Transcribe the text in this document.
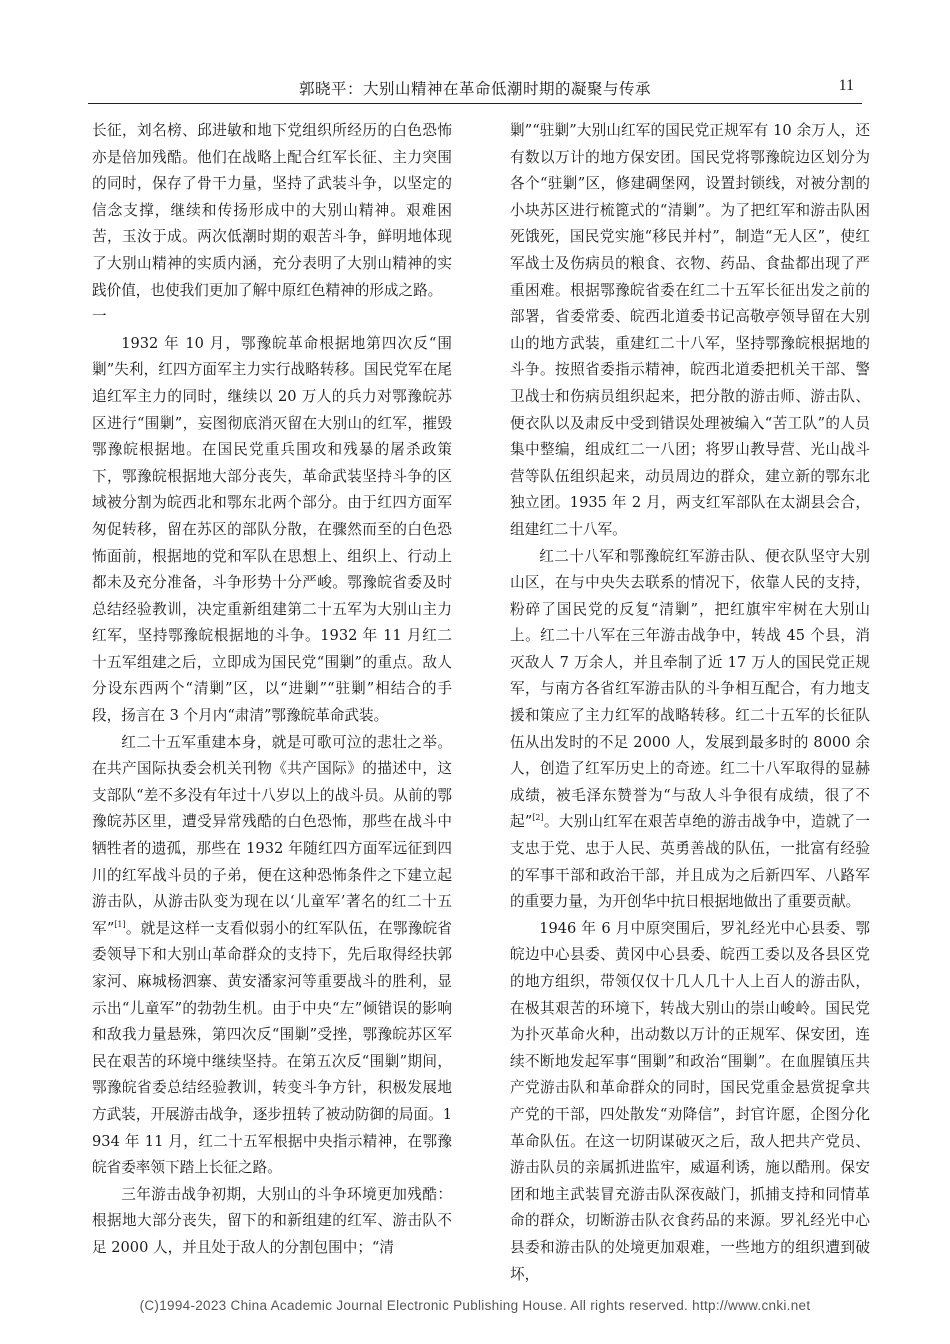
郭晓平：大别山精神在革命低潮时期的凝聚与传承	11

长征，刘名榜、邱进敏和地下党组织所经历的白色恐怖亦是倍加残酷。他们在战略上配合红军长征、主力突围的同时，保存了骨干力量，坚持了武装斗争，以坚定的信念支撑，继续和传扬形成中的大别山精神。艰难困苦，玉汝于成。两次低潮时期的艰苦斗争，鲜明地体现了大别山精神的实质内涵，充分表明了大别山精神的实践价值，也使我们更加了解中原红色精神的形成之路。

一

1932 年 10 月，鄂豫皖革命根据地第四次反“围剿”失利，红四方面军主力实行战略转移。国民党军在尾追红军主力的同时，继续以 20 万人的兵力对鄂豫皖苏区进行“围剿”，妄图彻底消灭留在大别山的红军，摧毁鄂豫皖根据地。在国民党重兵围攻和残暴的屠杀政策下，鄂豫皖根据地大部分丧失，革命武装坚持斗争的区域被分割为皖西北和鄂东北两个部分。由于红四方面军匆促转移，留在苏区的部队分散，在骤然而至的白色恐怖面前，根据地的党和军队在思想上、组织上、行动上都未及充分准备，斗争形势十分严峻。鄂豫皖省委及时总结经验教训，决定重新组建第二十五军为大别山主力红军，坚持鄂豫皖根据地的斗争。1932 年 11 月红二十五军组建之后，立即成为国民党“围剿”的重点。敌人分设东西两个“清剿”区，以“进剿”“驻剿”相结合的手段，扬言在 3 个月内“肃清”鄂豫皖革命武装。

红二十五军重建本身，就是可歌可泣的悲壮之举。在共产国际执委会机关刊物《共产国际》的描述中，这支部队“差不多没有年过十八岁以上的战斗员。从前的鄂豫皖苏区里，遭受异常残酷的白色恐怖，那些在战斗中牺牲者的遗孤，那些在 1932 年随红四方面军远征到四川的红军战斗员的子弟，便在这种恐怖条件之下建立起游击队，从游击队变为现在以‘儿童军’著名的红二十五军”[1]。就是这样一支看似弱小的红军队伍，在鄂豫皖省委领导下和大别山革命群众的支持下，先后取得经扶郭家河、麻城杨泗寨、黄安潘家河等重要战斗的胜利，显示出“儿童军”的勃勃生机。由于中央“左”倾错误的影响和敌我力量悬殊，第四次反“围剿”受挫，鄂豫皖苏区军民在艰苦的环境中继续坚持。在第五次反“围剿”期间，鄂豫皖省委总结经验教训，转变斗争方针，积极发展地方武装，开展游击战争，逐步扭转了被动防御的局面。1934 年 11 月，红二十五军根据中央指示精神，在鄂豫皖省委率领下踏上长征之路。

三年游击战争初期，大别山的斗争环境更加残酷：根据地大部分丧失，留下的和新组建的红军、游击队不足 2000 人，并且处于敌人的分割包围中；“清

剿”“驻剿”大别山红军的国民党正规军有 10 余万人，还有数以万计的地方保安团。国民党将鄂豫皖边区划分为各个“驻剿”区，修建碉堡网，设置封锁线，对被分割的小块苏区进行梳篦式的“清剿”。为了把红军和游击队困死饿死，国民党实施“移民并村”，制造“无人区”，使红军战士及伤病员的粮食、衣物、药品、食盐都出现了严重困难。根据鄂豫皖省委在红二十五军长征出发之前的部署，省委常委、皖西北道委书记高敬亭领导留在大别山的地方武装，重建红二十八军，坚持鄂豫皖根据地的斗争。按照省委指示精神，皖西北道委把机关干部、警卫战士和伤病员组织起来，把分散的游击师、游击队、便衣队以及肃反中受到错误处理被编入“苦工队”的人员集中整编，组成红二一八团；将罗山教导营、光山战斗营等队伍组织起来，动员周边的群众，建立新的鄂东北独立团。1935 年 2 月，两支红军部队在太湖县会合，组建红二十八军。

红二十八军和鄂豫皖红军游击队、便衣队坚守大别山区，在与中央失去联系的情况下，依靠人民的支持，粉碎了国民党的反复“清剿”，把红旗牢牢树在大别山上。红二十八军在三年游击战争中，转战 45 个县，消灭敌人 7 万余人，并且牵制了近 17 万人的国民党正规军，与南方各省红军游击队的斗争相互配合，有力地支援和策应了主力红军的战略转移。红二十五军的长征队伍从出发时的不足 2000 人，发展到最多时的 8000 余人，创造了红军历史上的奇迹。红二十八军取得的显赫成绩，被毛泽东赞誉为“与敌人斗争很有成绩，很了不起”[2]。大别山红军在艰苦卓绝的游击战争中，造就了一支忠于党、忠于人民、英勇善战的队伍，一批富有经验的军事干部和政治干部，并且成为之后新四军、八路军的重要力量，为开创华中抗日根据地做出了重要贡献。

1946 年 6 月中原突围后，罗礼经光中心县委、鄂皖边中心县委、黄冈中心县委、皖西工委以及各县区党的地方组织，带领仅仅十几人几十人上百人的游击队，在极其艰苦的环境下，转战大别山的崇山峻岭。国民党为扑灭革命火种，出动数以万计的正规军、保安团，连续不断地发起军事“围剿”和政治“围剿”。在血腥镇压共产党游击队和革命群众的同时，国民党重金悬赏捉拿共产党的干部，四处散发“劝降信”，封官许愿，企图分化革命队伍。在这一切阴谋破灭之后，敌人把共产党员、游击队员的亲属抓进监牢，威逼利诱，施以酷刑。保安团和地主武装冒充游击队深夜敲门，抓捕支持和同情革命的群众，切断游击队衣食药品的来源。罗礼经光中心县委和游击队的处境更加艰难，一些地方的组织遭到破坏，

(C)1994-2023 China Academic Journal Electronic Publishing House. All rights reserved. http://www.cnki.net
